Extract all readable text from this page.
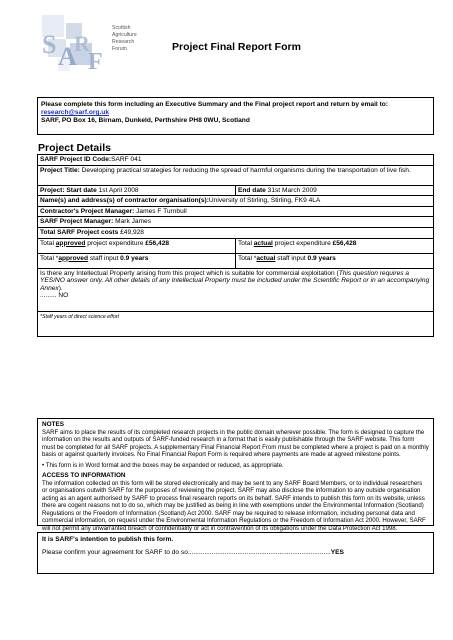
S A
R
F
Scottish
Agriculture
Research
Forum	Project Final Report Form
Please complete this form including an Executive Summary and the Final project report and return by email to: research@sarf.org.uk
SARF, PO Box 16, Birnam, Dunkeld, Perthshire PH8 0WU, Scotland
Project Details
SARF Project ID Code:SARF 041	
Project Title: Developing practical strategies for reducing the spread of harmful organisms during the transportation of live fish.	
Project: Start date 1st April 2008	End date 31st March 2009
Name(s) and address(s) of contractor organisation(s):University of Stirling, Stirling, FK9 4LA	
Contractor's Project Manager: James F Turnbull	
SARF Project Manager: Mark James	
Total SARF Project costs £49,928	
Total approved project expenditure £56,428	Total actual project expenditure £56,428
Total *approved staff input 0.9 years	Total *actual staff input 0.9 years
Is there any Intellectual Property arising from this project which is suitable for commercial exploitation (This question requires a YES/NO answer only. All other details of any Intellectual Property must be included under the Scientific Report or in an accompanying Annex).
......... NO	
*Staff years of direct science effort	

NOTES

SARF aims to place the results of its completed research projects in the public domain wherever possible. The form is designed to capture the information on the results and outputs of SARF-funded research in a format that is easily publishable through the SARF website. This form must be completed for all SARF projects. A supplementary Final Financial Report From must be completed where a project is paid on a monthly basis or against quarterly invoices. No Final Financial Report Form is required where payments are made at agreed milestone points.

• This form is in Word format and the boxes may be expanded or reduced, as appropriate.

ACCESS TO INFORMATION

The information collected on this form will be stored electronically and may be sent to any SARF Board Members, or to individual researchers or organisations outwith SARF for the purposes of reviewing the project. SARF may also disclose the information to any outside organisation acting as an agent authorised by SARF to process final research reports on its behalf. SARF intends to publish this form on its website, unless there are cogent reasons not to do so, which may be justified as being in line with exemptions under the Environmental Information (Scotland) Regulations or the Freedom of Information (Scotland) Act 2000. SARF may be required to release information, including personal data and commercial information, on request under the Environmental Information Regulations or the Freedom of Information Act 2000. However, SARF will not permit any unwarranted breach of confidentiality or act in contravention of its obligations under the Data Protection Act 1998.

It is SARF's intention to publish this form.
Please confirm your agreement for SARF to do so..............................................................................YES
